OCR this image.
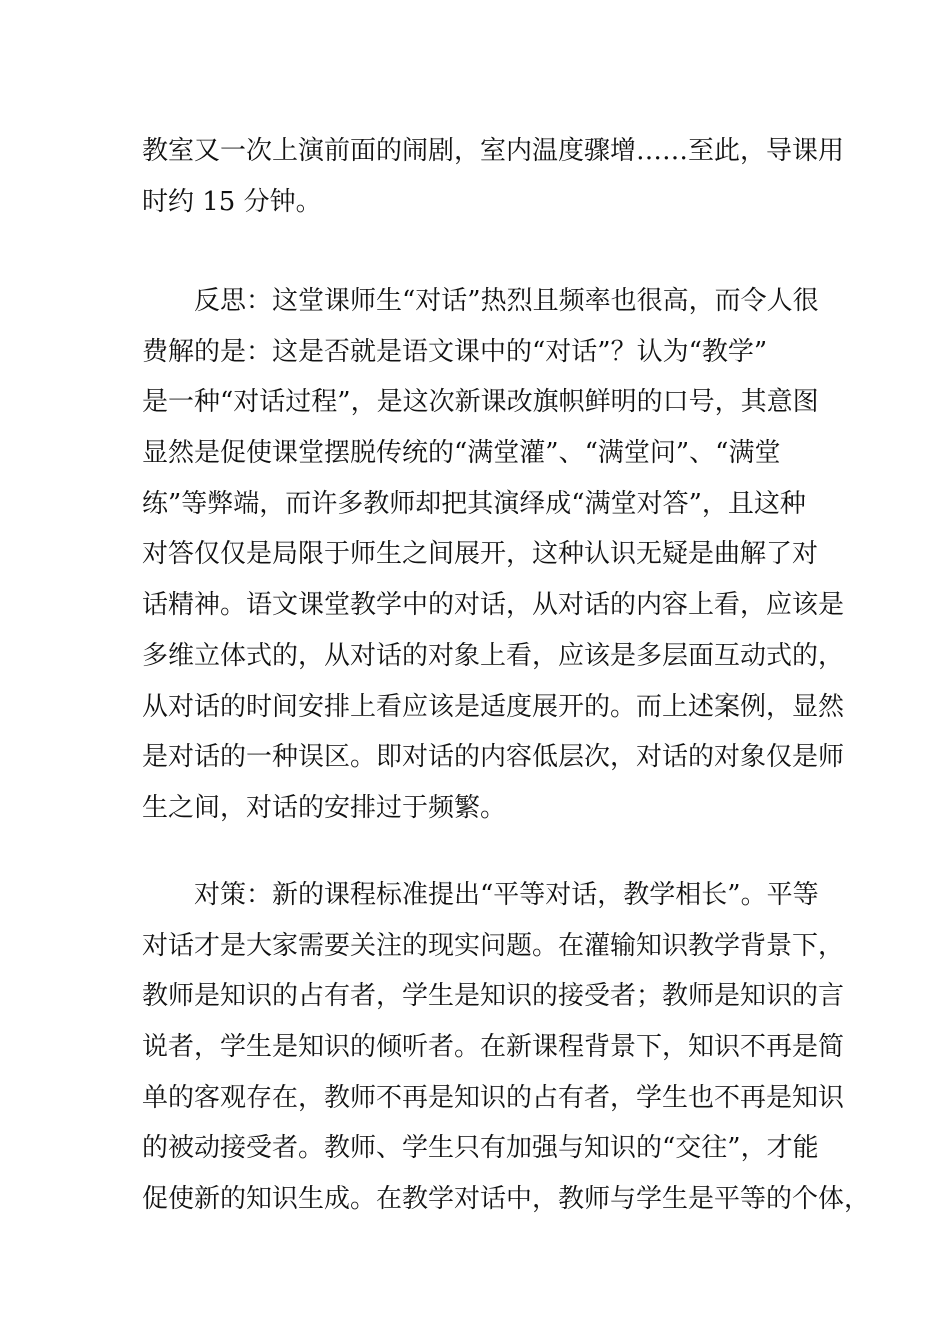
教室又一次上演前面的闹剧，室内温度骤增……至此，导课用
时约 15 分钟。
　　反思：这堂课师生“对话”热烈且频率也很高，而令人很
费解的是：这是否就是语文课中的“对话”？认为“教学”
是一种“对话过程”，是这次新课改旗帜鲜明的口号，其意图
显然是促使课堂摆脱传统的“满堂灌”、“满堂问”、“满堂
练”等弊端，而许多教师却把其演绎成“满堂对答”，且这种
对答仅仅是局限于师生之间展开，这种认识无疑是曲解了对
话精神。语文课堂教学中的对话，从对话的内容上看，应该是
多维立体式的，从对话的对象上看，应该是多层面互动式的，
从对话的时间安排上看应该是适度展开的。而上述案例，显然
是对话的一种误区。即对话的内容低层次，对话的对象仅是师
生之间，对话的安排过于频繁。
　　对策：新的课程标准提出“平等对话，教学相长”。平等
对话才是大家需要关注的现实问题。在灌输知识教学背景下，
教师是知识的占有者，学生是知识的接受者；教师是知识的言
说者，学生是知识的倾听者。在新课程背景下，知识不再是简
单的客观存在，教师不再是知识的占有者，学生也不再是知识
的被动接受者。教师、学生只有加强与知识的“交往”，才能
促使新的知识生成。在教学对话中，教师与学生是平等的个体，
